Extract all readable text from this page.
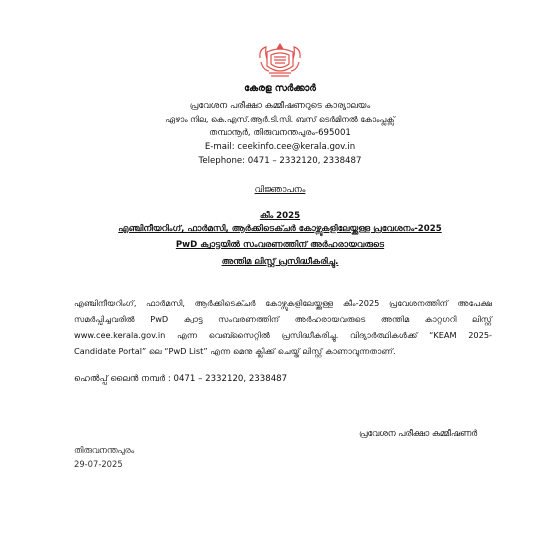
കേരള സർക്കാർ
പ്രവേശന പരീക്ഷാ കമ്മീഷണറുടെ കാര്യാലയം
ഏഴാം നില, കെ.എസ്.ആർ.ടി.സി. ബസ് ടെർമിനൽ കോംപ്ലക്സ്
തമ്പാനൂർ, തിരുവനന്തപുരം-695001
E-mail: ceekinfo.cee@kerala.gov.in
Telephone: 0471 – 2332120, 2338487
വിജ്ഞാപനം
കീം 2025
എഞ്ചിനീയറിംഗ്, ഫാർമസി, ആർക്കിടെക്ചർ കോഴ്സുകളിലേയ്ക്കുള്ള പ്രവേശനം-2025
PwD ക്വാട്ടയിൽ സംവരണത്തിന് അർഹരായവരുടെ
അന്തിമ ലിസ്റ്റ് പ്രസിദ്ധീകരിച്ചു.
എഞ്ചിനീയറിംഗ്, ഫാർമസി, ആർക്കിടെക്ചർ കോഴ്സുകളിലേയ്ക്കുള്ള കീം-2025 പ്രവേശനത്തിന് അപേക്ഷ
സമർപ്പിച്ചവരിൽ PwD ക്വാട്ട സംവരണത്തിന് അർഹരായവരുടെ അന്തിമ കാറ്റഗറി ലിസ്റ്റ്
www.cee.kerala.gov.in എന്ന വെബ്സൈറ്റിൽ പ്രസിദ്ധീകരിച്ചു. വിദ്യാർത്ഥികൾക്ക് “KEAM 2025-
Candidate Portal” ലെ “PwD List” എന്ന മെനു ക്ലിക്ക് ചെയ്ത് ലിസ്റ്റ് കാണാവുന്നതാണ്.
ഹെൽപ്പ് ലൈൻ നമ്പർ : 0471 – 2332120, 2338487
പ്രവേശന പരീക്ഷാ കമ്മീഷണർ
തിരുവനന്തപുരം
29-07-2025
